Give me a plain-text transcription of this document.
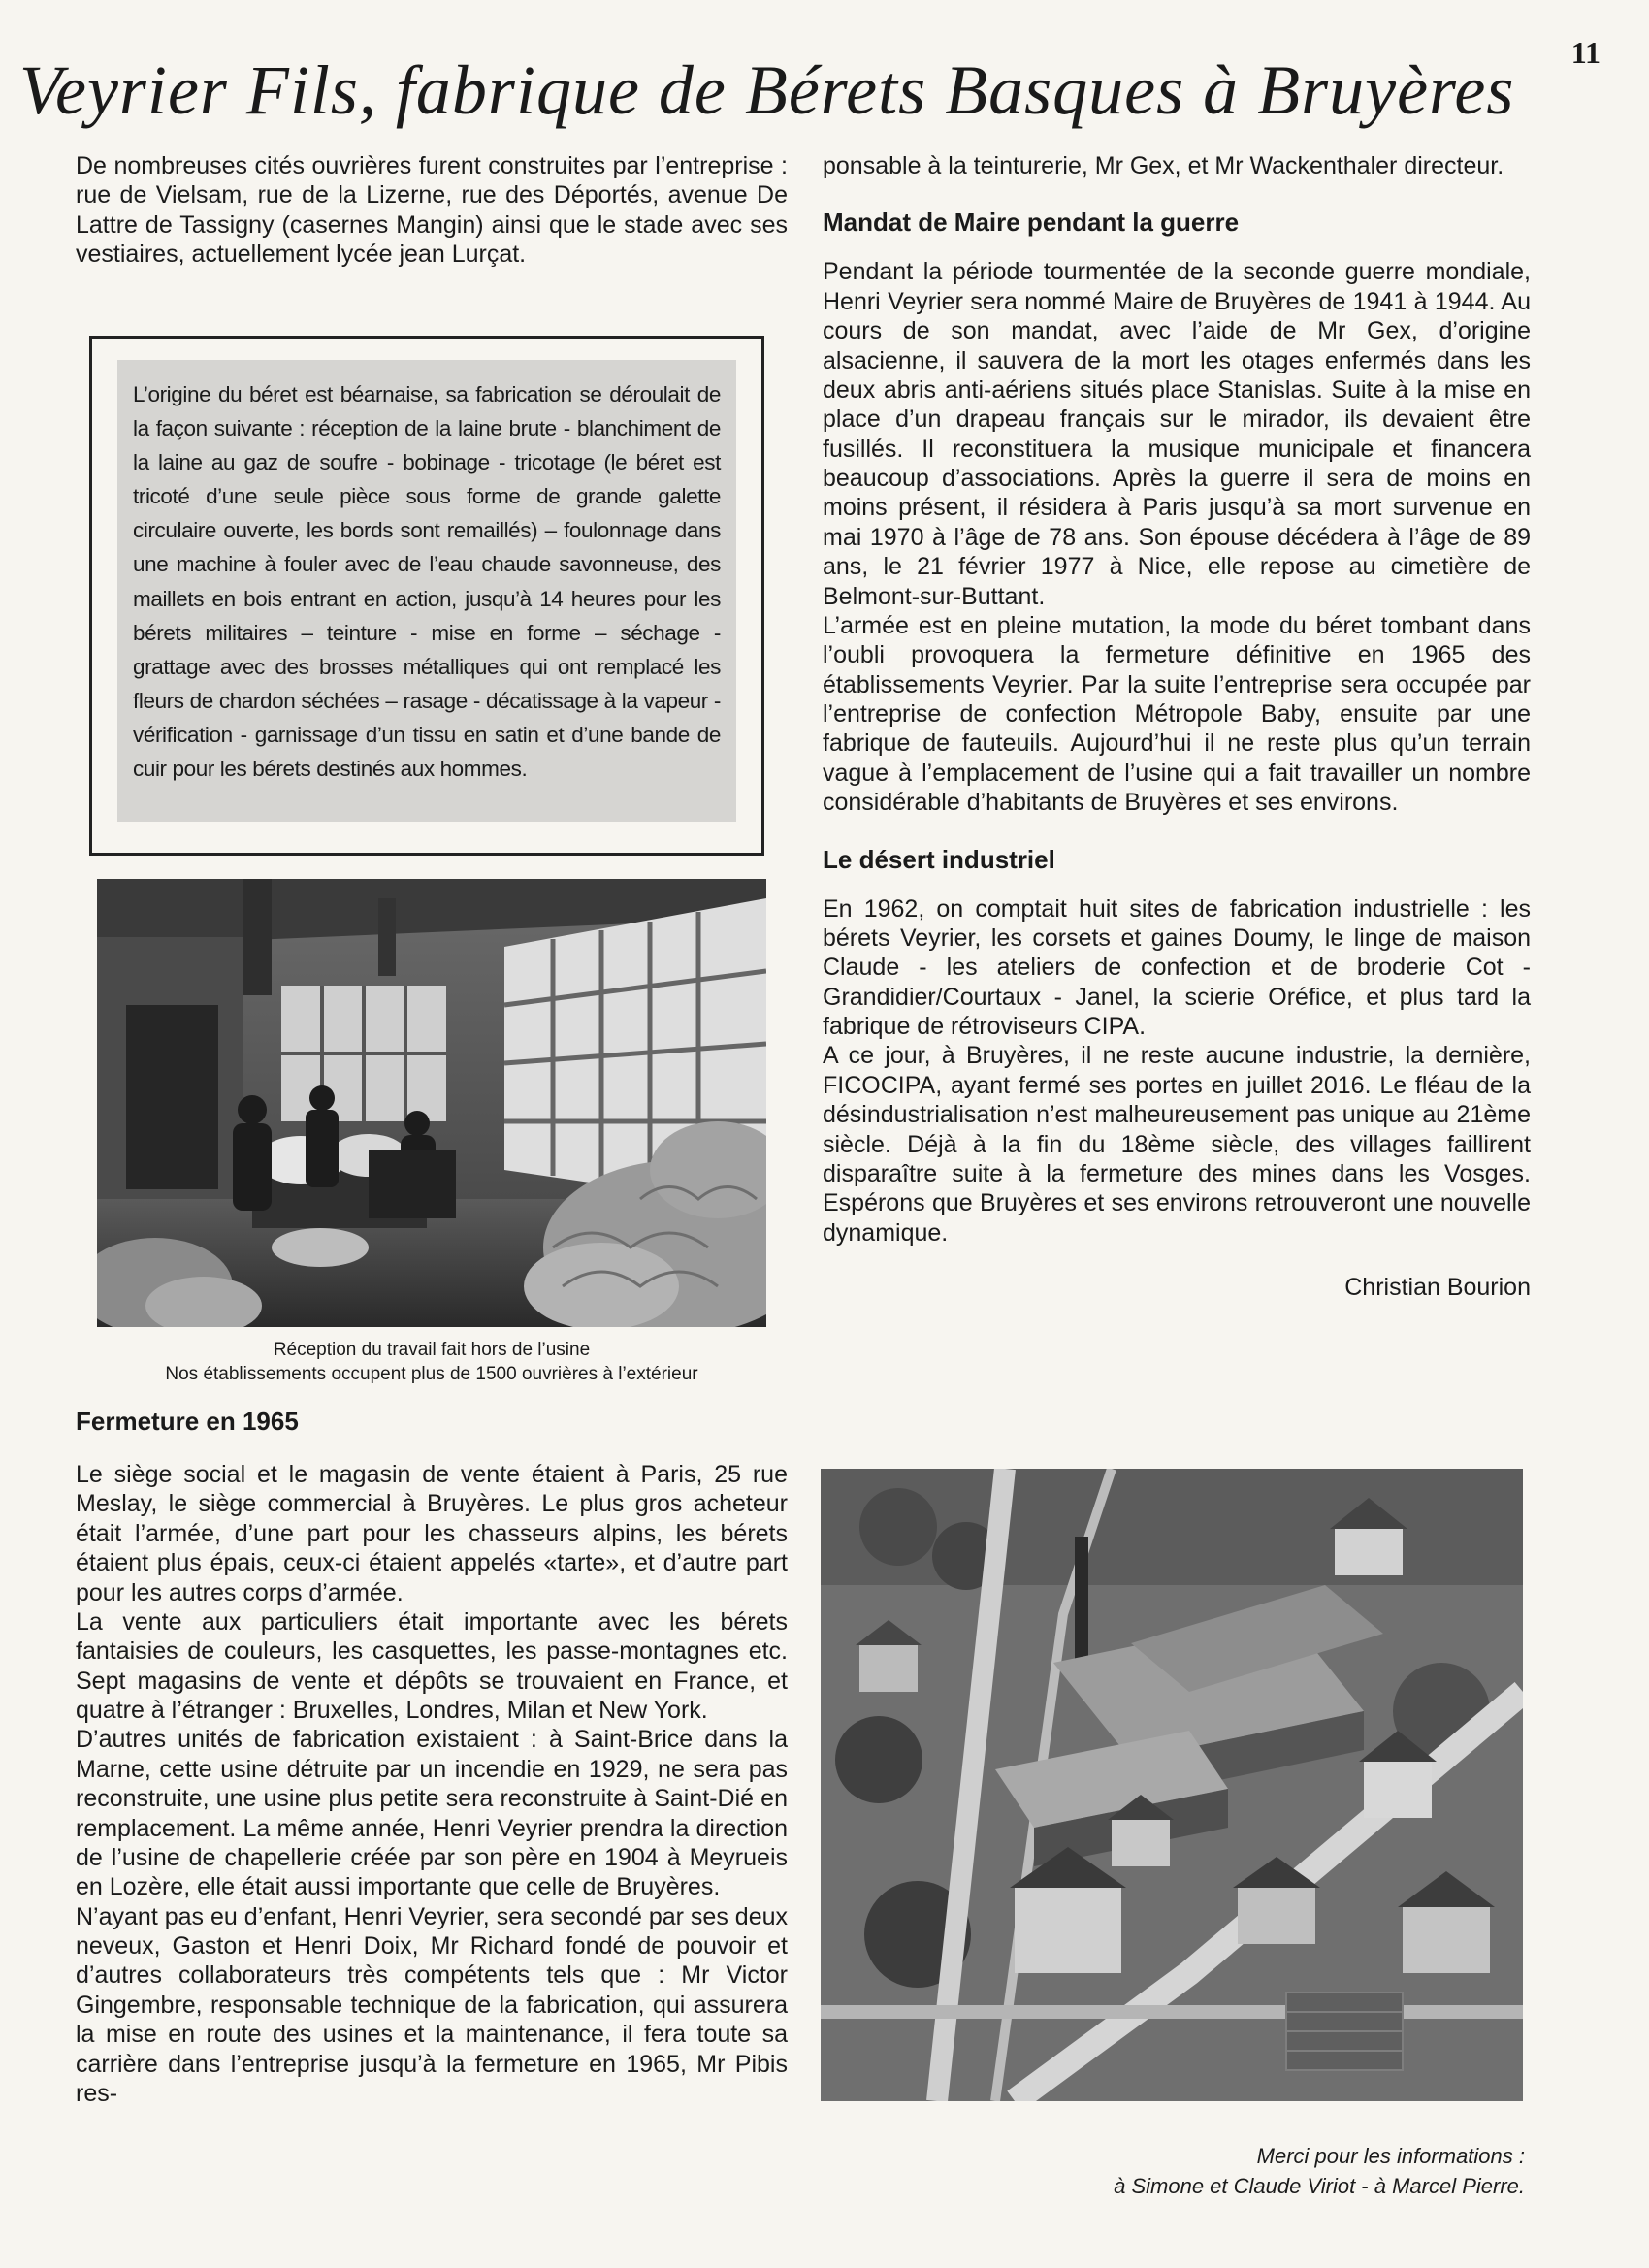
11
Veyrier Fils, fabrique de Bérets Basques à Bruyères

De nombreuses cités ouvrières furent construites par l’entreprise : rue de Vielsam, rue de la Lizerne, rue des Déportés, avenue De Lattre de Tassigny (casernes Mangin) ainsi que le stade avec ses vestiaires, actuellement lycée jean Lurçat.

L’origine du béret est béarnaise, sa fabrication se déroulait de la façon suivante : réception de la laine brute - blanchiment de la laine au gaz de soufre - bobinage - tricotage (le béret est tricoté d’une seule pièce sous forme de grande galette circulaire ouverte, les bords sont remaillés) – foulonnage dans une machine à fouler avec de l’eau chaude savonneuse, des maillets en bois entrant en action, jusqu’à 14 heures pour les bérets militaires – teinture - mise en forme – séchage - grattage avec des brosses métalliques qui ont remplacé les fleurs de chardon séchées – rasage - décatissage à la vapeur - vérification - garnissage d’un tissu en satin et d’une bande de cuir pour les bérets destinés aux hommes.
Réception du travail fait hors de l’usine
Nos établissements occupent plus de 1500 ouvrières à l’extérieur
Fermeture en 1965

Le siège social et le magasin de vente étaient à Paris, 25 rue Meslay, le siège commercial à Bruyères. Le plus gros acheteur était l’armée, d’une part pour les chasseurs alpins, les bérets étaient plus épais, ceux-ci étaient appelés «tarte», et d’autre part pour les autres corps d’armée.

La vente aux particuliers était importante avec les bérets fantaisies de couleurs, les casquettes, les passe-montagnes etc. Sept magasins de vente et dépôts se trouvaient en France, et quatre à l’étranger : Bruxelles, Londres, Milan et New York.

D’autres unités de fabrication existaient : à Saint-Brice dans la Marne, cette usine détruite par un incendie en 1929, ne sera pas reconstruite, une usine plus petite sera reconstruite à Saint-Dié en remplacement. La même année, Henri Veyrier prendra la direction de l’usine de chapellerie créée par son père en 1904 à Meyrueis en Lozère, elle était aussi importante que celle de Bruyères.

N’ayant pas eu d’enfant, Henri Veyrier, sera secondé par ses deux neveux, Gaston et Henri Doix, Mr Richard fondé de pouvoir et d’autres collaborateurs très compétents tels que : Mr Victor Gingembre, responsable technique de la fabrication, qui assurera la mise en route des usines et la maintenance, il fera toute sa carrière dans l’entreprise jusqu’à la fermeture en 1965, Mr Pibis res-

ponsable à la teinturerie, Mr Gex, et Mr Wackenthaler directeur.

Mandat de Maire pendant la guerre

Pendant la période tourmentée de la seconde guerre mondiale, Henri Veyrier sera nommé Maire de Bruyères de 1941 à 1944. Au cours de son mandat, avec l’aide de Mr Gex, d’origine alsacienne, il sauvera de la mort les otages enfermés dans les deux abris anti-aériens situés place Stanislas. Suite à la mise en place d’un drapeau français sur le mirador, ils devaient être fusillés. Il reconstituera la musique municipale et financera beaucoup d’associations. Après la guerre il sera de moins en moins présent, il résidera à Paris jusqu’à sa mort survenue en mai 1970 à l’âge de 78 ans. Son épouse décédera à l’âge de 89 ans, le 21 février 1977 à Nice, elle repose au cimetière de Belmont-sur-Buttant.

L’armée est en pleine mutation, la mode du béret tombant dans l’oubli provoquera la fermeture définitive en 1965 des établissements Veyrier. Par la suite l’entreprise sera occupée par l’entreprise de confection Métropole Baby, ensuite par une fabrique de fauteuils. Aujourd’hui il ne reste plus qu’un terrain vague à l’emplacement de l’usine qui a fait travailler un nombre considérable d’habitants de Bruyères et ses environs.

Le désert industriel

En 1962, on comptait huit sites de fabrication industrielle : les bérets Veyrier, les corsets et gaines Doumy, le linge de maison Claude - les ateliers de confection et de broderie Cot - Grandidier/Courtaux - Janel, la scierie Oréfice, et plus tard la fabrique de rétroviseurs CIPA.

A ce jour, à Bruyères, il ne reste aucune industrie, la dernière, FICOCIPA, ayant fermé ses portes en juillet 2016. Le fléau de la désindustrialisation n’est malheureusement pas unique au 21ème siècle. Déjà à la fin du 18ème siècle, des villages faillirent disparaître suite à la fermeture des mines dans les Vosges. Espérons que Bruyères et ses environs retrouveront une nouvelle dynamique.

Christian Bourion

Merci pour les informations :
à Simone et Claude Viriot - à Marcel Pierre.
